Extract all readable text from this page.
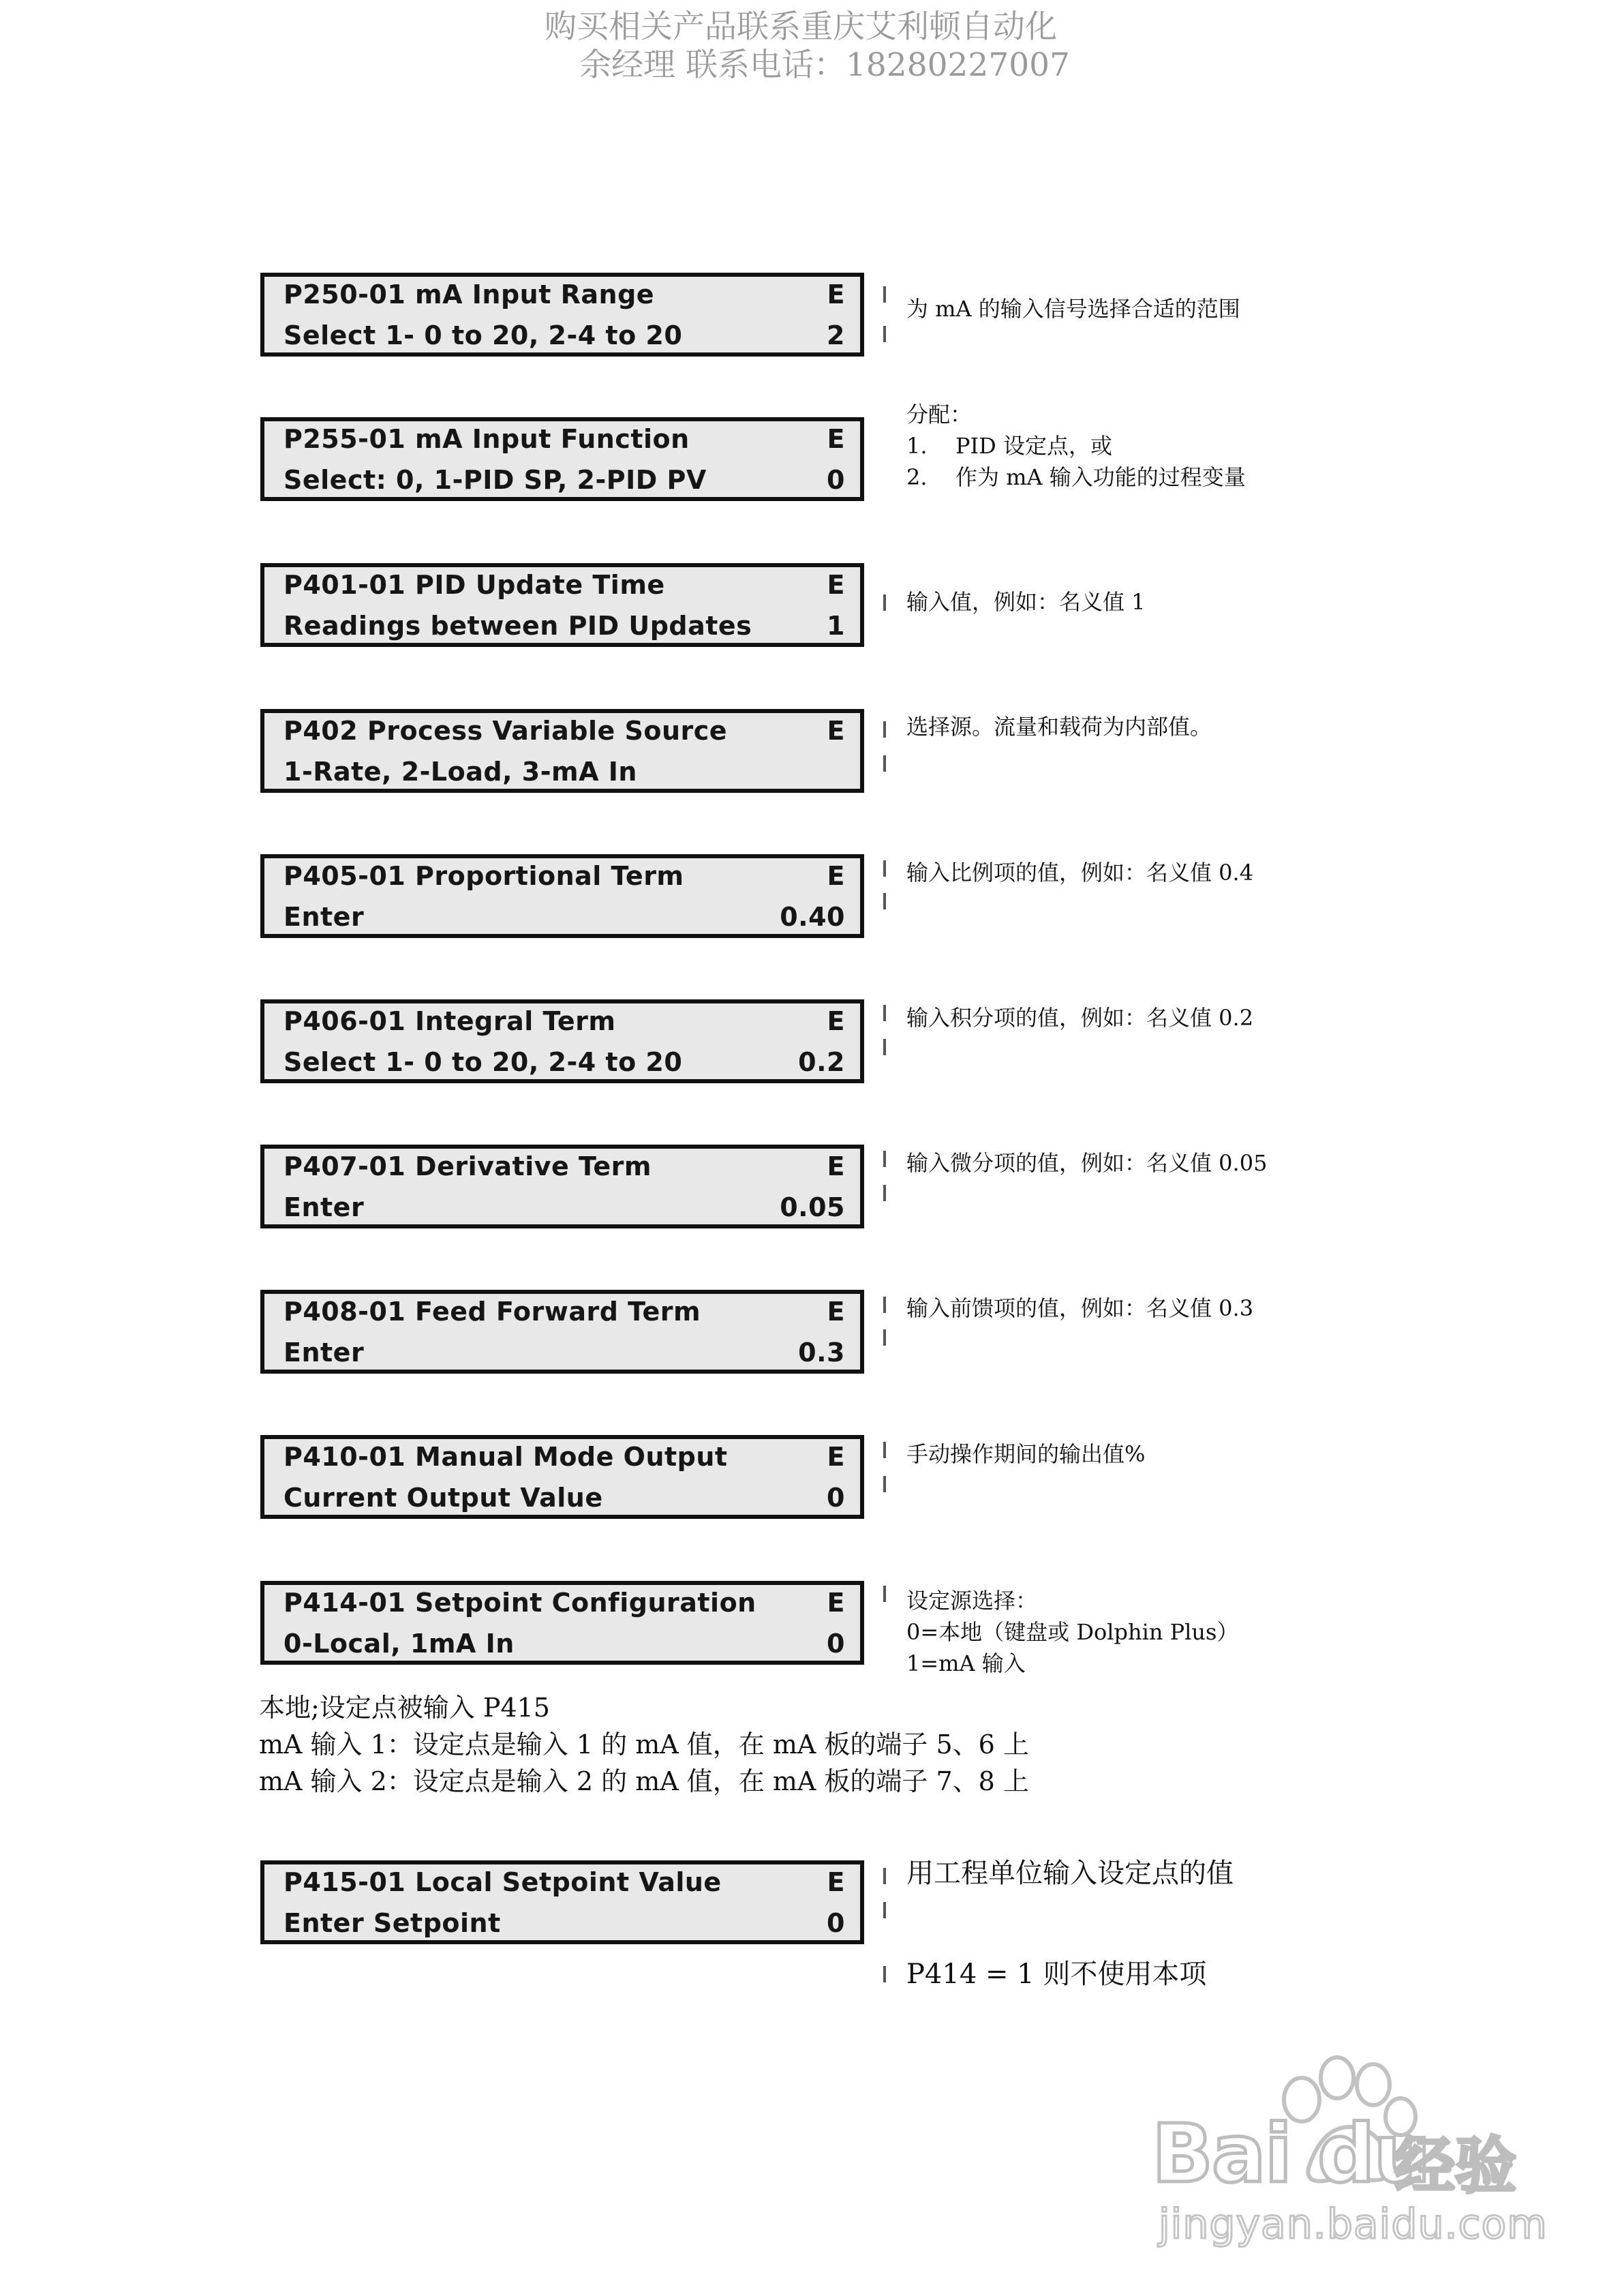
购买相关产品联系重庆艾利顿自动化
余经理 联系电话：18280227007
P250-01 mA Input Range	E
Select 1- 0 to 20, 2-4 to 20	2
为 mA 的输入信号选择合适的范围
P255-01 mA Input Function	E
Select: 0, 1-PID SP, 2-PID PV	0
分配：
1. PID 设定点，或
2. 作为 mA 输入功能的过程变量
P401-01 PID Update Time	E
Readings between PID Updates	1
输入值，例如：名义值 1
P402 Process Variable Source	E
1-Rate, 2-Load, 3-mA In
选择源。流量和载荷为内部值。
P405-01 Proportional Term	E
Enter	0.40
输入比例项的值，例如：名义值 0.4
P406-01 Integral Term	E
Select 1- 0 to 20, 2-4 to 20	0.2
输入积分项的值，例如：名义值 0.2
P407-01 Derivative Term	E
Enter	0.05
输入微分项的值，例如：名义值 0.05
P408-01 Feed Forward Term	E
Enter	0.3
输入前馈项的值，例如：名义值 0.3
P410-01 Manual Mode Output	E
Current Output Value	0
手动操作期间的输出值%
P414-01 Setpoint Configuration	E
0-Local, 1mA In	0
设定源选择：
0=本地（键盘或 Dolphin Plus）
1=mA 输入
本地;设定点被输入 P415
mA 输入 1：设定点是输入 1 的 mA 值，在 mA 板的端子 5、6 上
mA 输入 2：设定点是输入 2 的 mA 值，在 mA 板的端子 7、8 上
P415-01 Local Setpoint Value	E
Enter Setpoint	0
用工程单位输入设定点的值
P414 = 1 则不使用本项
Bai du
经验
jingyan.baidu.com
